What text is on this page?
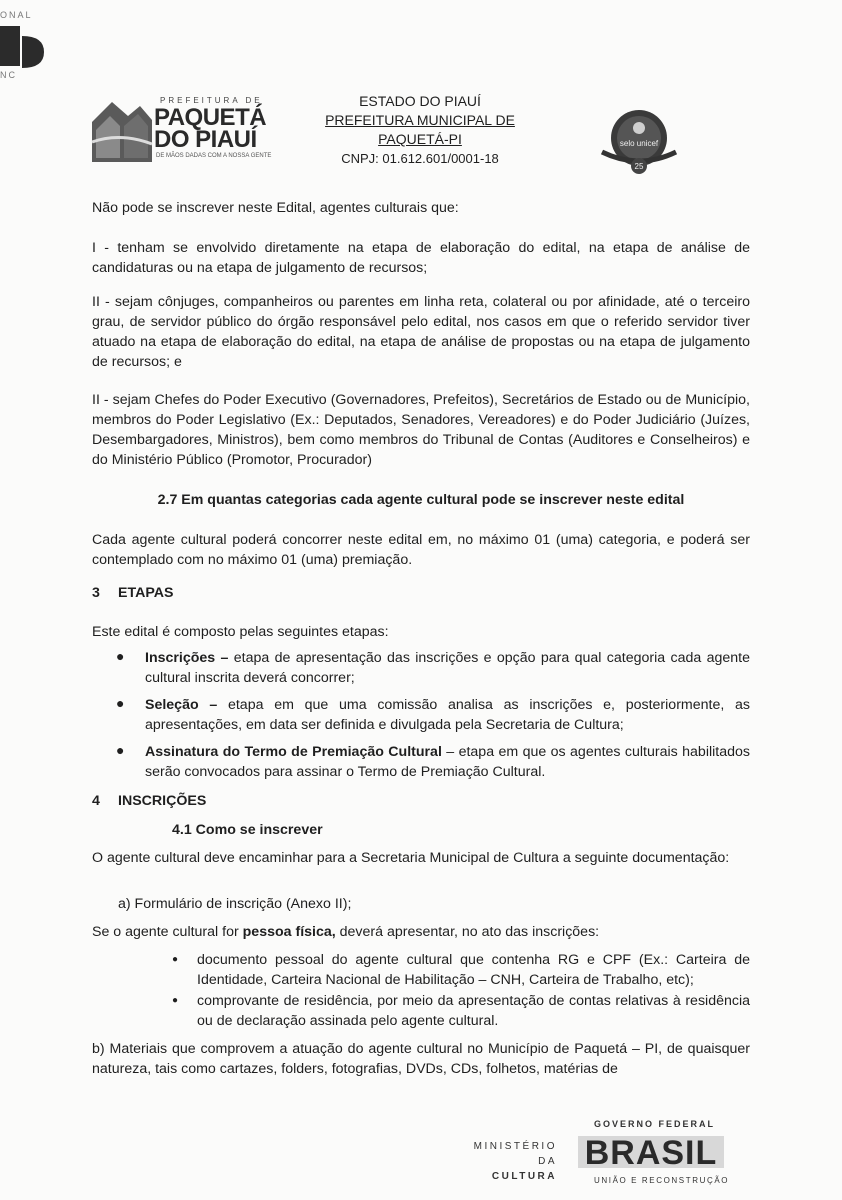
ONAL
NC
PREFEITURA DE
PAQUETÁ
DO PIAUÍ
DE MÃOS DADAS COM A NOSSA GENTE
ESTADO DO PIAUÍ
PREFEITURA MUNICIPAL DE
PAQUETÁ-PI
CNPJ: 01.612.601/0001-18
selo unicef
25
Não pode se inscrever neste Edital, agentes culturais que:
I - tenham se envolvido diretamente na etapa de elaboração do edital, na etapa de análise de candidaturas ou na etapa de julgamento de recursos;
II - sejam cônjuges, companheiros ou parentes em linha reta, colateral ou por afinidade, até o terceiro grau, de servidor público do órgão responsável pelo edital, nos casos em que o referido servidor tiver atuado na etapa de elaboração do edital, na etapa de análise de propostas ou na etapa de julgamento de recursos; e
II - sejam Chefes do Poder Executivo (Governadores, Prefeitos), Secretários de Estado ou de Município, membros do Poder Legislativo (Ex.: Deputados, Senadores, Vereadores) e do Poder Judiciário (Juízes, Desembargadores, Ministros), bem como membros do Tribunal de Contas (Auditores e Conselheiros) e do Ministério Público (Promotor, Procurador)
2.7 Em quantas categorias cada agente cultural pode se inscrever neste edital
Cada agente cultural poderá concorrer neste edital em, no máximo 01 (uma) categoria, e poderá ser contemplado com no máximo 01 (uma) premiação.
3	ETAPAS
Este edital é composto pelas seguintes etapas:
● Inscrições – etapa de apresentação das inscrições e opção para qual categoria cada agente cultural inscrita deverá concorrer;
● Seleção – etapa em que uma comissão analisa as inscrições e, posteriormente, as apresentações, em data ser definida e divulgada pela Secretaria de Cultura;
● Assinatura do Termo de Premiação Cultural – etapa em que os agentes culturais habilitados serão convocados para assinar o Termo de Premiação Cultural.
4	INSCRIÇÕES
4.1 Como se inscrever
O agente cultural deve encaminhar para a Secretaria Municipal de Cultura a seguinte documentação:
a) Formulário de inscrição (Anexo II);
Se o agente cultural for pessoa física, deverá apresentar, no ato das inscrições:
● documento pessoal do agente cultural que contenha RG e CPF (Ex.: Carteira de Identidade, Carteira Nacional de Habilitação – CNH, Carteira de Trabalho, etc);
● comprovante de residência, por meio da apresentação de contas relativas à residência ou de declaração assinada pelo agente cultural.
b) Materiais que comprovem a atuação do agente cultural no Município de Paquetá – PI, de quaisquer natureza, tais como cartazes, folders, fotografias, DVDs, CDs, folhetos, matérias de
MINISTÉRIO DA
CULTURA
GOVERNO FEDERAL
BRASIL
UNIÃO E RECONSTRUÇÃO
